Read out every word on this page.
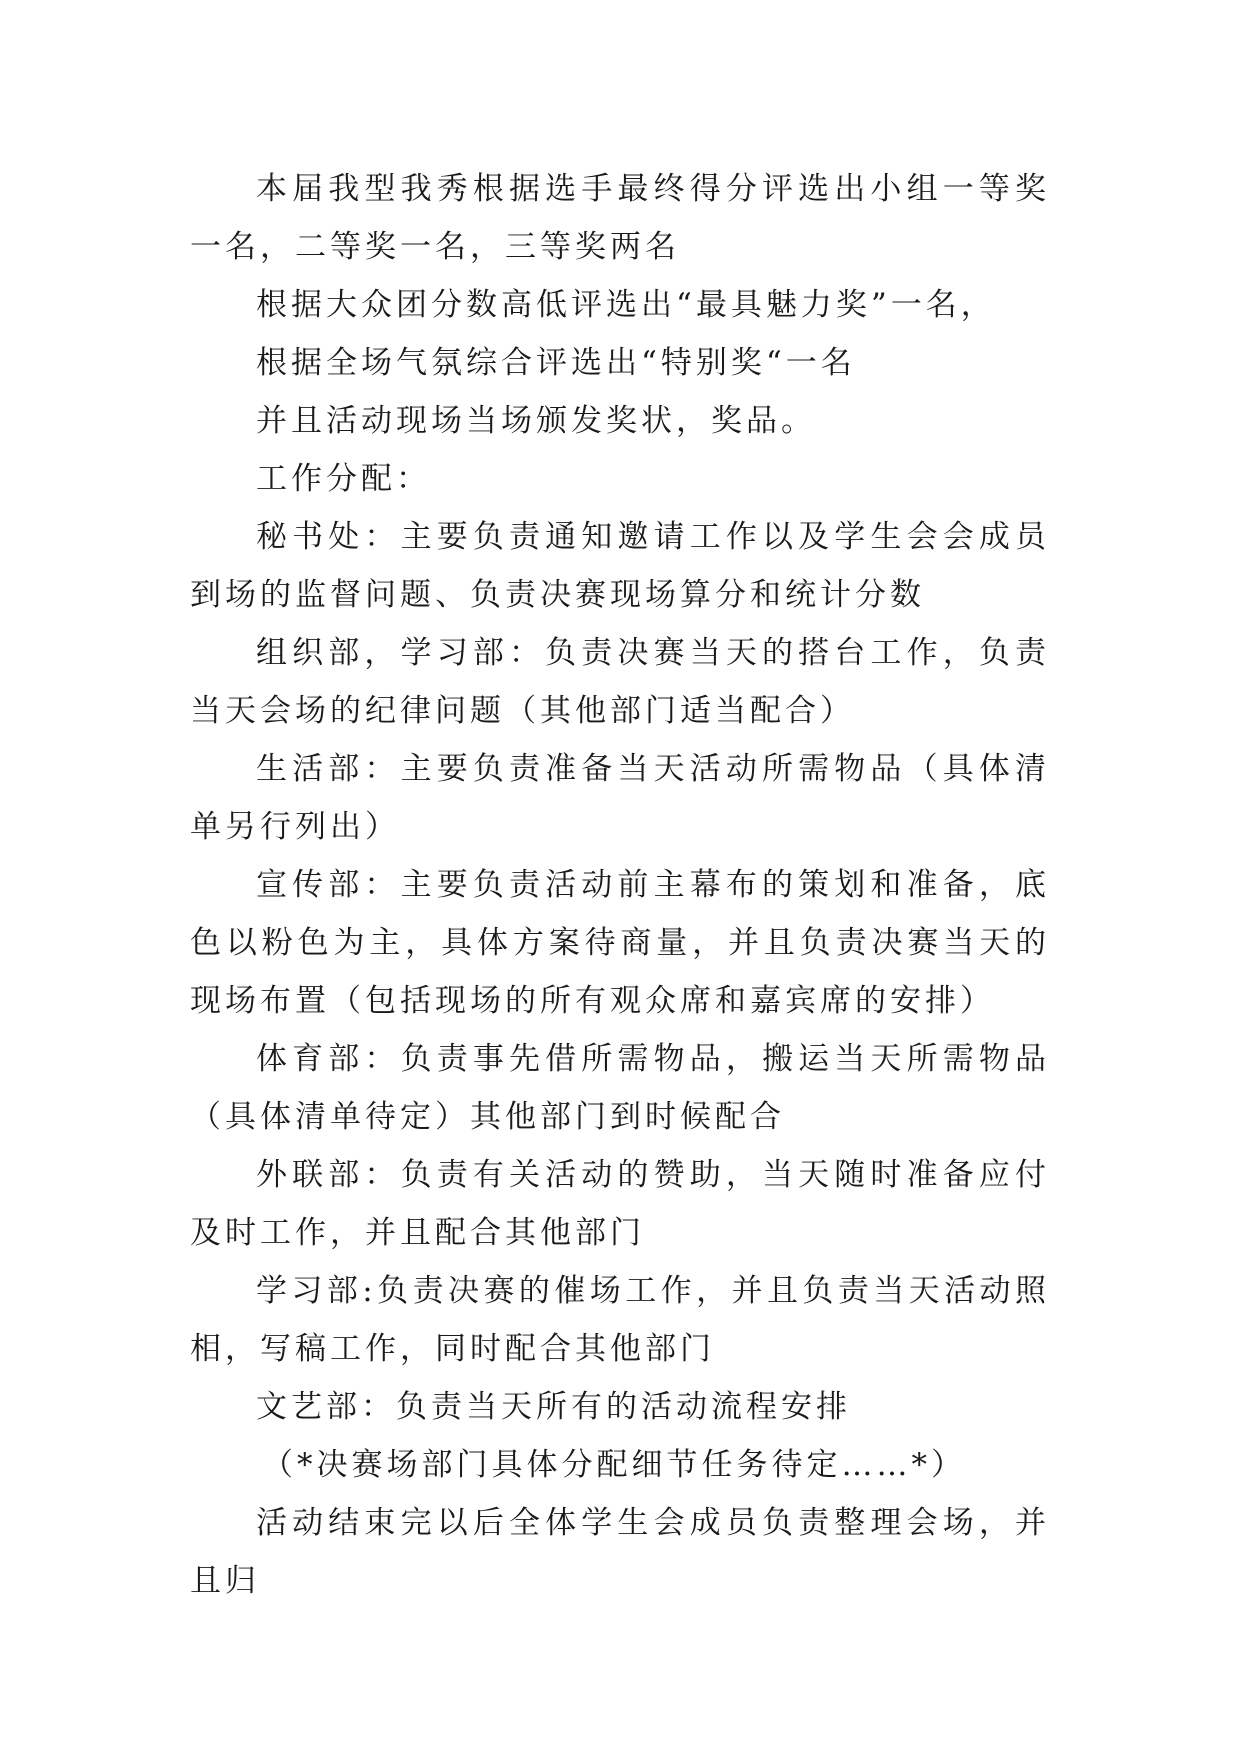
本届我型我秀根据选手最终得分评选出小组一等奖一名，二等奖一名，三等奖两名

根据大众团分数高低评选出“最具魅力奖”一名，

根据全场气氛综合评选出“特别奖“一名

并且活动现场当场颁发奖状，奖品。

工作分配：

秘书处：主要负责通知邀请工作以及学生会会成员到场的监督问题、负责决赛现场算分和统计分数

组织部，学习部：负责决赛当天的搭台工作，负责当天会场的纪律问题（其他部门适当配合）

生活部：主要负责准备当天活动所需物品（具体清单另行列出）

宣传部：主要负责活动前主幕布的策划和准备，底色以粉色为主，具体方案待商量，并且负责决赛当天的现场布置（包括现场的所有观众席和嘉宾席的安排）

体育部：负责事先借所需物品，搬运当天所需物品（具体清单待定）其他部门到时候配合

外联部：负责有关活动的赞助，当天随时准备应付及时工作，并且配合其他部门

学习部:负责决赛的催场工作，并且负责当天活动照相，写稿工作，同时配合其他部门

文艺部：负责当天所有的活动流程安排

（*决赛场部门具体分配细节任务待定……*）

活动结束完以后全体学生会成员负责整理会场，并且归
